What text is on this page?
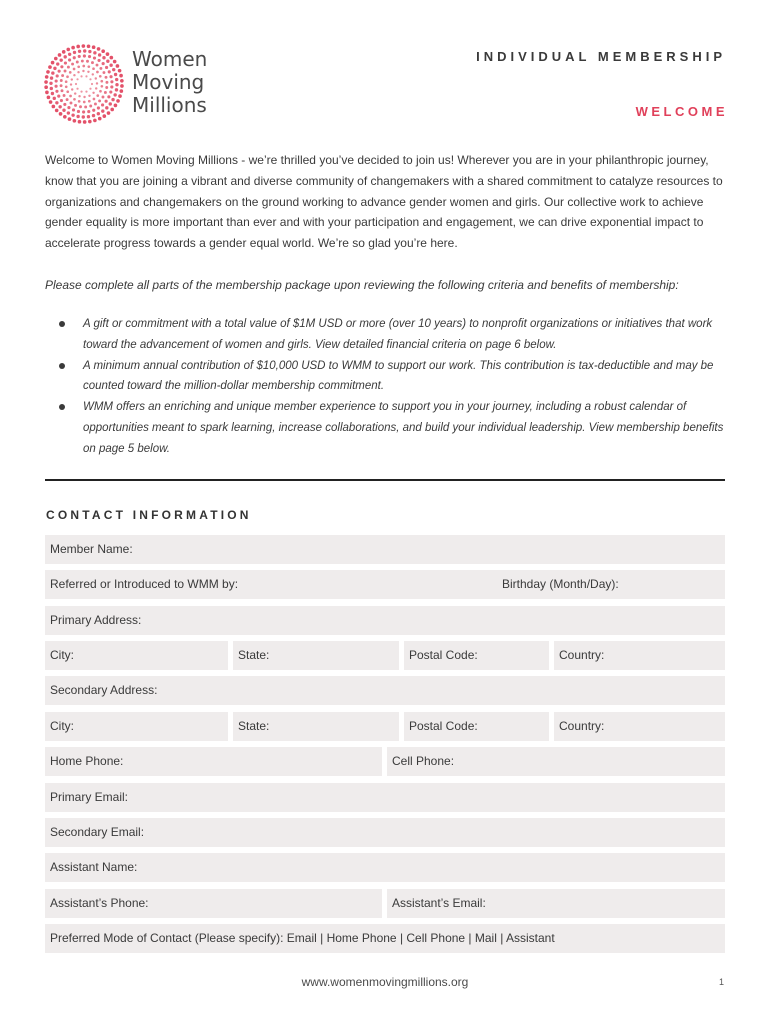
Women
Moving
Millions
INDIVIDUAL MEMBERSHIP
WELCOME
Welcome to Women Moving Millions - we’re thrilled you’ve decided to join us! Wherever you are in your philanthropic journey, know that you are joining a vibrant and diverse community of changemakers with a shared commitment to catalyze resources to organizations and changemakers on the ground working to advance gender women and girls. Our collective work to achieve gender equality is more important than ever and with your participation and engagement, we can drive exponential impact to accelerate progress towards a gender equal world. We’re so glad you’re here.
Please complete all parts of the membership package upon reviewing the following criteria and benefits of membership:
A gift or commitment with a total value of $1M USD or more (over 10 years) to nonprofit organizations or initiatives that work toward the advancement of women and girls. View detailed financial criteria on page 6 below.
A minimum annual contribution of $10,000 USD to WMM to support our work. This contribution is tax-deductible and may be counted toward the million-dollar membership commitment.
WMM offers an enriching and unique member experience to support you in your journey, including a robust calendar of opportunities meant to spark learning, increase collaborations, and build your individual leadership. View membership benefits on page 5 below.
CONTACT INFORMATION
Member Name:
Referred or Introduced to WMM by:	Birthday (Month/Day):
Primary Address:
City:	State:	Postal Code:	Country:
Secondary Address:
City:	State:	Postal Code:	Country:
Home Phone:	Cell Phone:
Primary Email:
Secondary Email:
Assistant Name:
Assistant’s Phone:	Assistant’s Email:
Preferred Mode of Contact (Please specify): Email | Home Phone | Cell Phone | Mail | Assistant
www.womenmovingmillions.org	1
